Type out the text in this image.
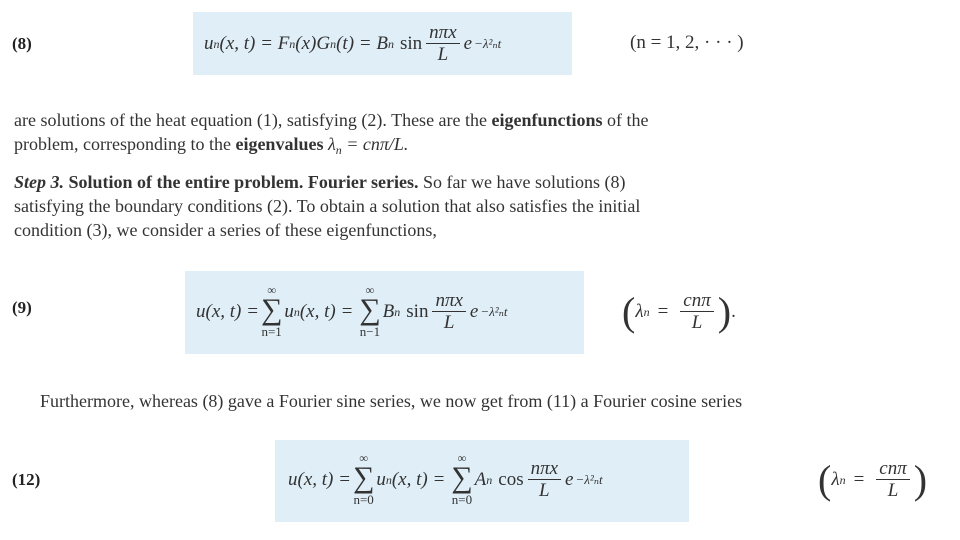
(8)	u n (x, t) = F n (x)G n (t) = B n $\sin \frac{\text{nπx}}{L}$ e −λ²ₙt	(n = 1, 2, · · · )
are solutions of the heat equation (1), satisfying (2). These are the eigenfunctions of the
problem, corresponding to the eigenvalues $\lambda_n = cn\pi/L$.
Step 3. Solution of the entire problem. Fourier series. So far we have solutions (8)
satisfying the boundary conditions (2). To obtain a solution that also satisfies the initial
condition (3), we consider a series of these eigenfunctions,
(9)	u(x, t) =
∞
∑
n=1
u n (x, t) =
∞
∑
n−1
B n $\sin \frac{\text{nπx}}{L}$ e −λ²ₙt	( λ $n = \frac{\text{cnπ}}{L}$ ) .
Furthermore, whereas (8) gave a Fourier sine series, we now get from (11) a Fourier cosine series
(12)	u(x, t) =
∞
∑
n=0
u n (x, t) =
∞
∑
n=0
A n $\cos \frac{\text{nπx}}{L}$ e −λ²ₙt	( λ $n = \frac{\text{cnπ}}{L}$ )
